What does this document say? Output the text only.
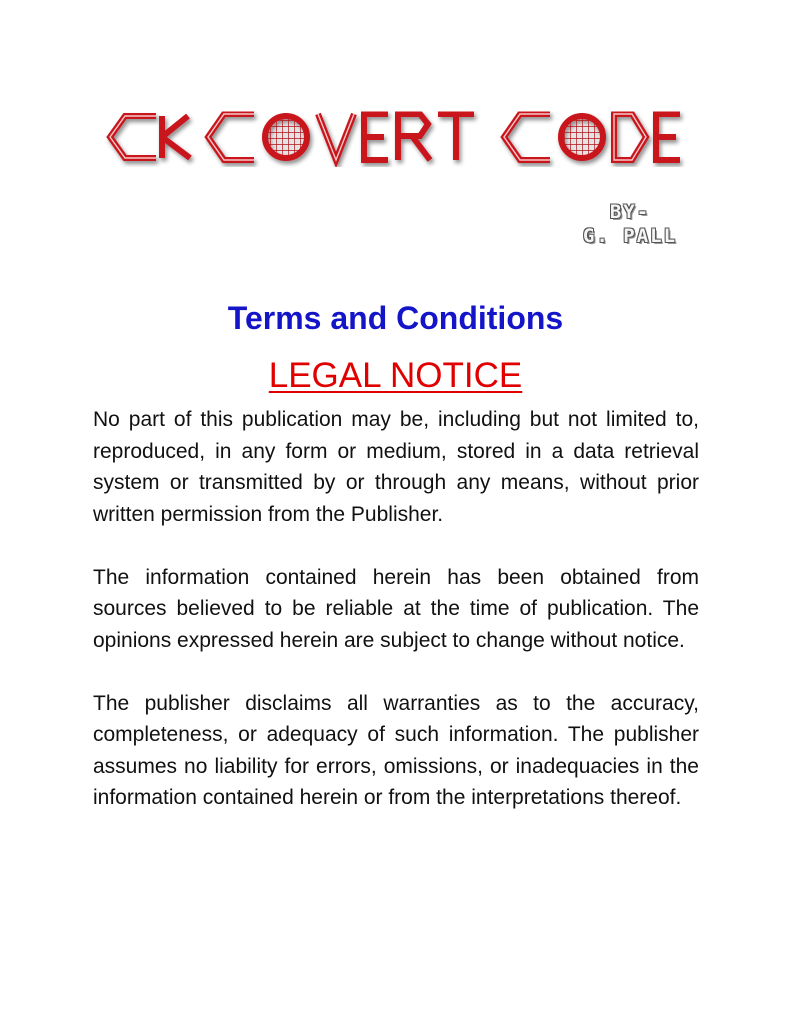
CK COVERT CODE
BY-
G. PALL
Terms and Conditions
LEGAL NOTICE

No part of this publication may be, including but not limited to, reproduced, in any form or medium, stored in a data retrieval system or transmitted by or through any means, without prior written permission from the Publisher.

The information contained herein has been obtained from sources believed to be reliable at the time of publication. The opinions expressed herein are subject to change without notice.

The publisher disclaims all warranties as to the accuracy, completeness, or adequacy of such information. The publisher assumes no liability for errors, omissions, or inadequacies in the information contained herein or from the interpretations thereof.
